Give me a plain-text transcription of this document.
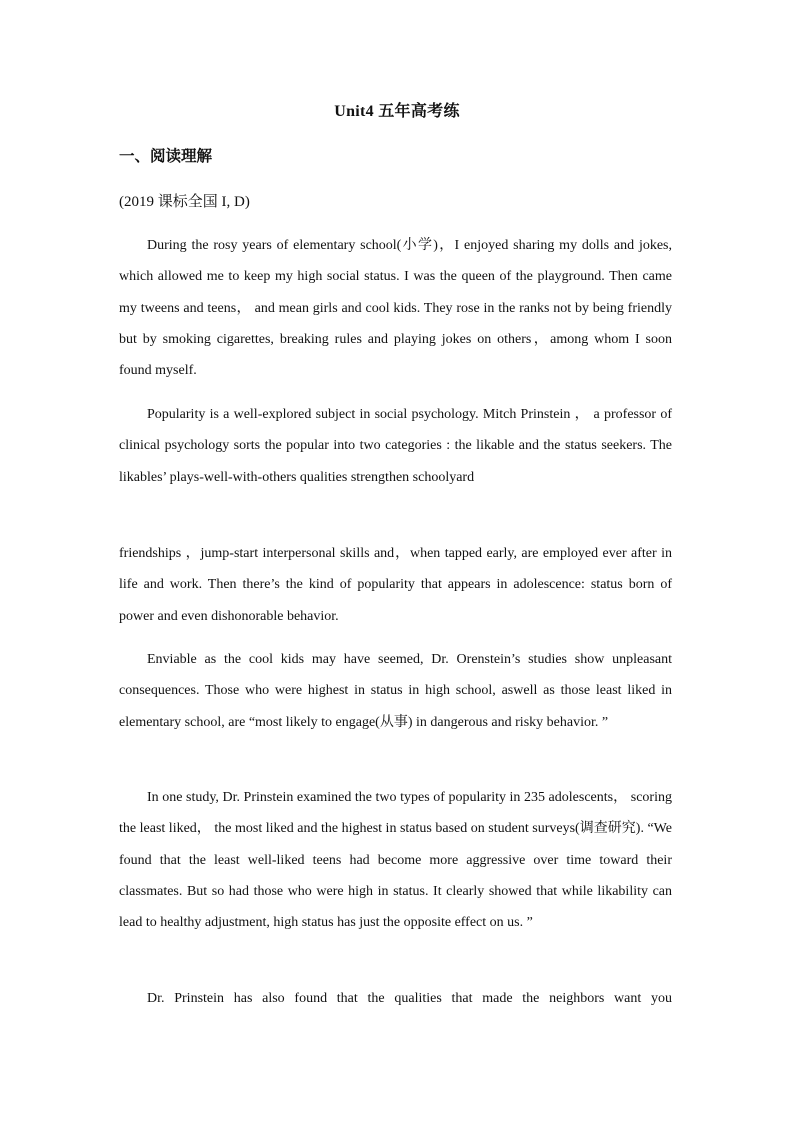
Unit4 五年高考练
一、阅读理解
(2019 课标全国 I, D)

During the rosy years of elementary school(小学)，I enjoyed sharing my dolls and jokes, which allowed me to keep my high social status. I was the queen of the playground. Then came my tweens and teens， and mean girls and cool kids. They rose in the ranks not by being friendly but by smoking cigarettes, breaking rules and playing jokes on others，among whom I soon found myself.

Popularity is a well-explored subject in social psychology. Mitch Prinstein ， a professor of clinical psychology sorts the popular into two categories : the likable and the status seekers. The likables’ plays-well-with-others qualities strengthen schoolyard

friendships ，jump-start interpersonal skills and，when tapped early, are employed ever after in life and work. Then there’s the kind of popularity that appears in adolescence: status born of power and even dishonorable behavior.

Enviable as the cool kids may have seemed, Dr. Orenstein’s studies show unpleasant consequences. Those who were highest in status in high school, aswell as those least liked in elementary school, are “most likely to engage(从事) in dangerous and risky behavior. ”

In one study, Dr. Prinstein examined the two types of popularity in 235 adolescents， scoring the least liked， the most liked and the highest in status based on student surveys(调查研究). “We found that the least well-liked teens had become more aggressive over time toward their classmates. But so had those who were high in status. It clearly showed that while likability can lead to healthy adjustment, high status has just the opposite effect on us. ”

Dr. Prinstein has also found that the qualities that made the neighbors want you
